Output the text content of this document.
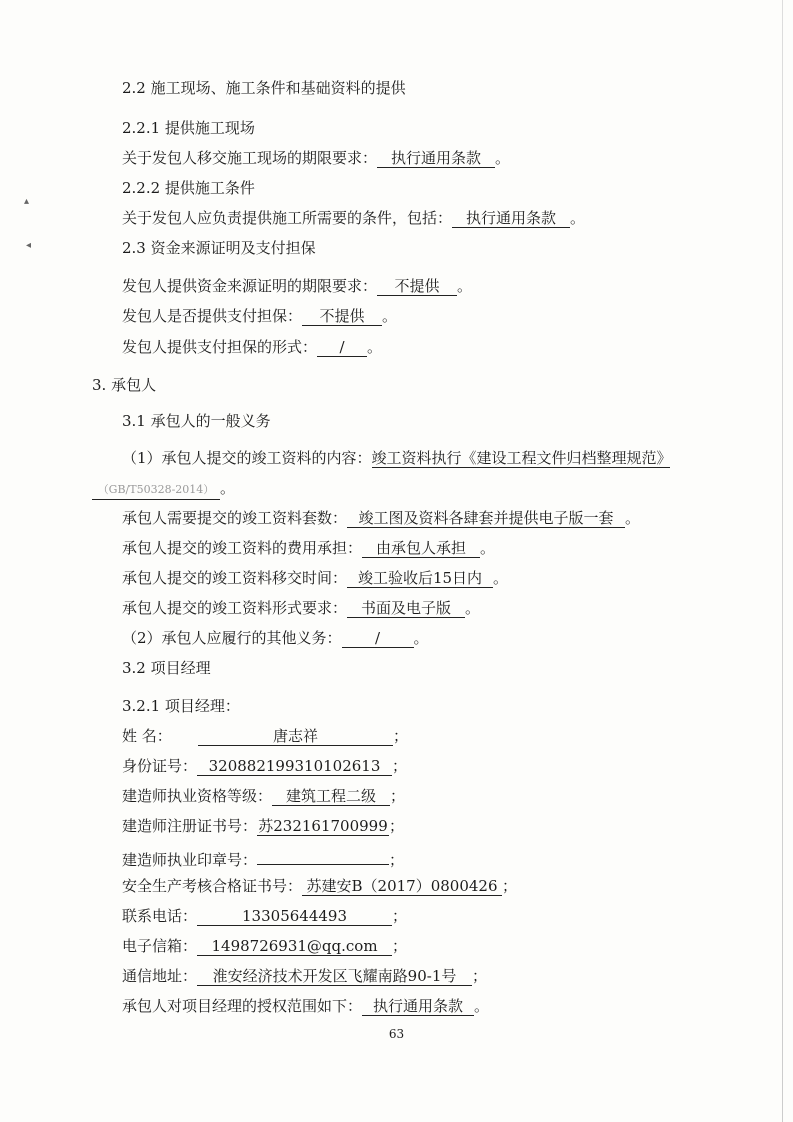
2.2 施工现场、施工条件和基础资料的提供
2.2.1 提供施工现场
关于发包人移交施工现场的期限要求： 执行通用条款 。
2.2.2 提供施工条件
关于发包人应负责提供施工所需要的条件，包括： 执行通用条款 。
2.3 资金来源证明及支付担保
发包人提供资金来源证明的期限要求： 不提供 。
发包人是否提供支付担保： 不提供 。
发包人提供支付担保的形式： / 。
3. 承包人
3.1 承包人的一般义务
（1）承包人提交的竣工资料的内容：竣工资料执行《建设工程文件归档整理规范》
（GB/T50328-2014） 。
承包人需要提交的竣工资料套数： 竣工图及资料各肆套并提供电子版一套 。
承包人提交的竣工资料的费用承担： 由承包人承担 。
承包人提交的竣工资料移交时间： 竣工验收后15日内 。
承包人提交的竣工资料形式要求： 书面及电子版 。
（2）承包人应履行的其他义务： / 。
3.2 项目经理
3.2.1 项目经理：
姓 名：	唐志祥	；
身份证号： 320882199310102613 ；
建造师执业资格等级： 建筑工程二级 ；
建造师注册证书号：苏232161700999；
建造师执业印章号：	；
安全生产考核合格证书号： 苏建安B（2017）0800426 ；
联系电话：	13305644493	；
电子信箱： 1498726931@qq.com ；
通信地址： 淮安经济技术开发区飞耀南路90-1号 ；
承包人对项目经理的授权范围如下： 执行通用条款 。
63
▴
◂
